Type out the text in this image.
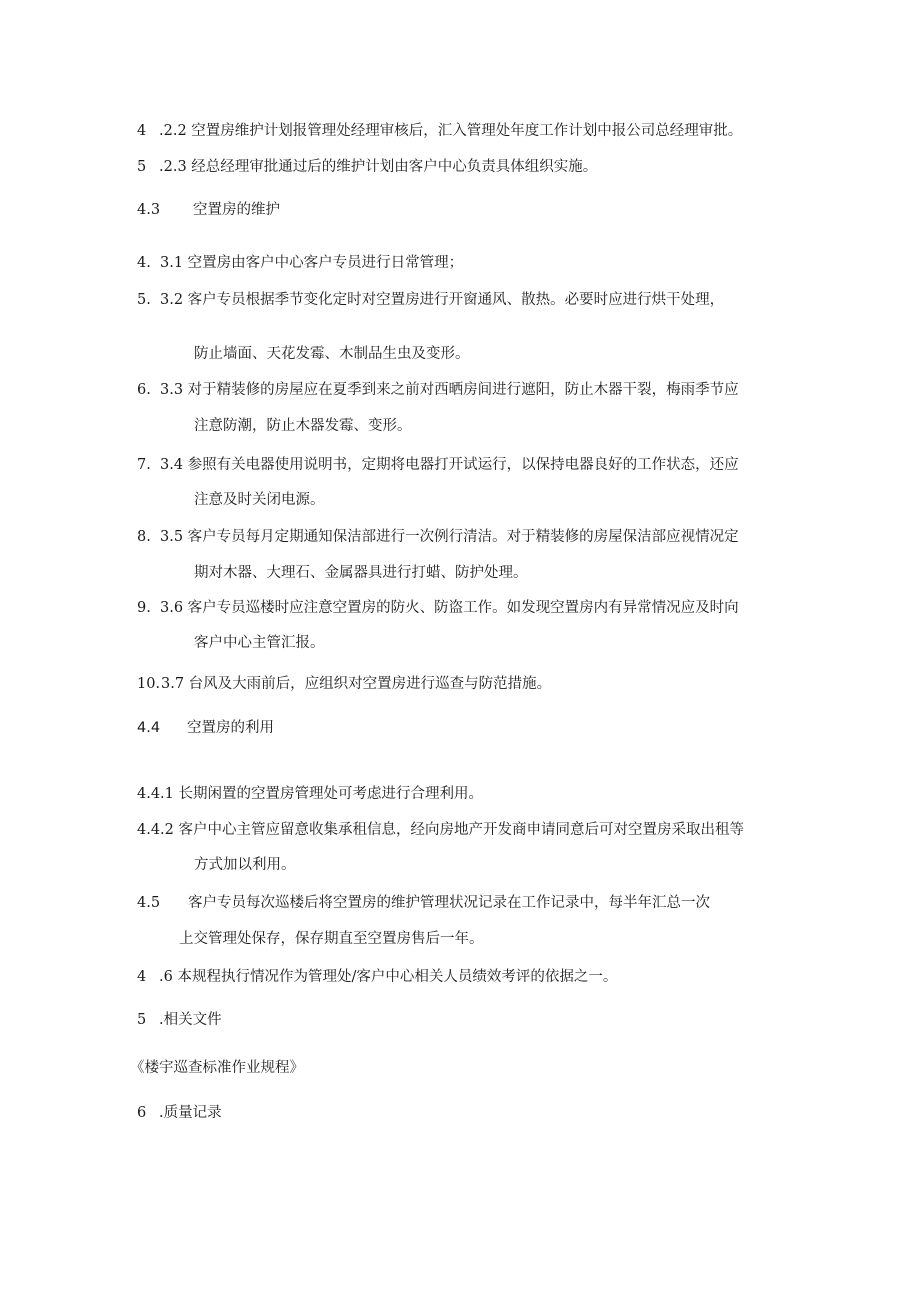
4 .2.2 空置房维护计划报管理处经理审核后，汇入管理处年度工作计划中报公司总经理审批。
5 .2.3 经总经理审批通过后的维护计划由客户中心负责具体组织实施。
4.3 空置房的维护
4. 3.1 空置房由客户中心客户专员进行日常管理；
5. 3.2 客户专员根据季节变化定时对空置房进行开窗通风、散热。必要时应进行烘干处理，
防止墙面、天花发霉、木制品生虫及变形。
6. 3.3 对于精装修的房屋应在夏季到来之前对西晒房间进行遮阳，防止木器干裂，梅雨季节应
注意防潮，防止木器发霉、变形。
7. 3.4 参照有关电器使用说明书，定期将电器打开试运行，以保持电器良好的工作状态，还应
注意及时关闭电源。
8. 3.5 客户专员每月定期通知保洁部进行一次例行清洁。对于精装修的房屋保洁部应视情况定
期对木器、大理石、金属器具进行打蜡、防护处理。
9. 3.6 客户专员巡楼时应注意空置房的防火、防盗工作。如发现空置房内有异常情况应及时向
客户中心主管汇报。
10.3.7 台风及大雨前后，应组织对空置房进行巡查与防范措施。
4.4 空置房的利用
4.4.1 长期闲置的空置房管理处可考虑进行合理利用。
4.4.2 客户中心主管应留意收集承租信息，经向房地产开发商申请同意后可对空置房采取出租等
方式加以利用。
4.5 客户专员每次巡楼后将空置房的维护管理状况记录在工作记录中，每半年汇总一次
上交管理处保存，保存期直至空置房售后一年。
4 .6 本规程执行情况作为管理处/客户中心相关人员绩效考评的依据之一。
5 .相关文件
《楼宇巡查标准作业规程》
6 .质量记录
